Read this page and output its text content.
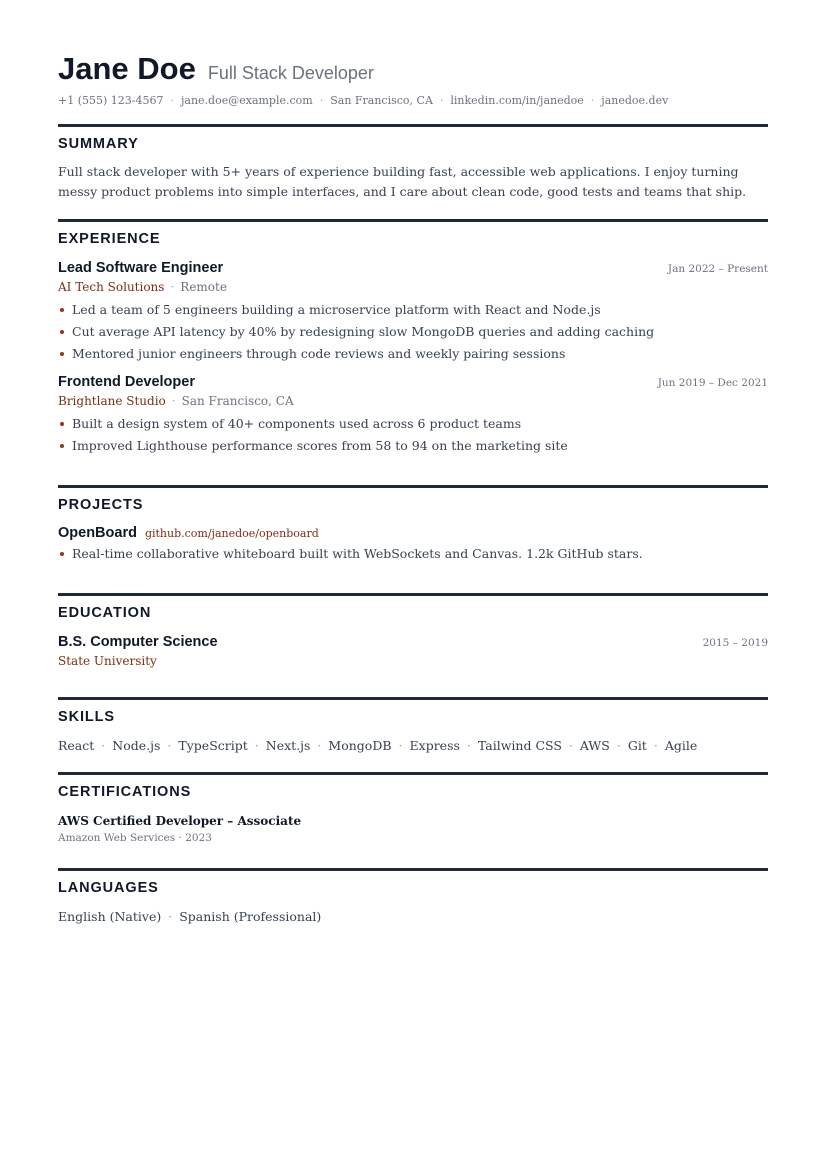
Jane Doe Full Stack Developer
+1 (555) 123-4567 · jane.doe@example.com · San Francisco, CA · linkedin.com/in/janedoe · janedoe.dev
SUMMARY
Full stack developer with 5+ years of experience building fast, accessible web applications. I enjoy turning messy product problems into simple interfaces, and I care about clean code, good tests and teams that ship.
EXPERIENCE
Lead Software Engineer	Jan 2022 – Present
AI Tech Solutions · Remote
Led a team of 5 engineers building a microservice platform with React and Node.js
Cut average API latency by 40% by redesigning slow MongoDB queries and adding caching
Mentored junior engineers through code reviews and weekly pairing sessions
Frontend Developer	Jun 2019 – Dec 2021
Brightlane Studio · San Francisco, CA
Built a design system of 40+ components used across 6 product teams
Improved Lighthouse performance scores from 58 to 94 on the marketing site
PROJECTS
OpenBoard github.com/janedoe/openboard
Real-time collaborative whiteboard built with WebSockets and Canvas. 1.2k GitHub stars.
EDUCATION
B.S. Computer Science	2015 – 2019
State University
SKILLS
React · Node.js · TypeScript · Next.js · MongoDB · Express · Tailwind CSS · AWS · Git · Agile
CERTIFICATIONS
AWS Certified Developer – Associate
Amazon Web Services · 2023
LANGUAGES
English (Native) · Spanish (Professional)
